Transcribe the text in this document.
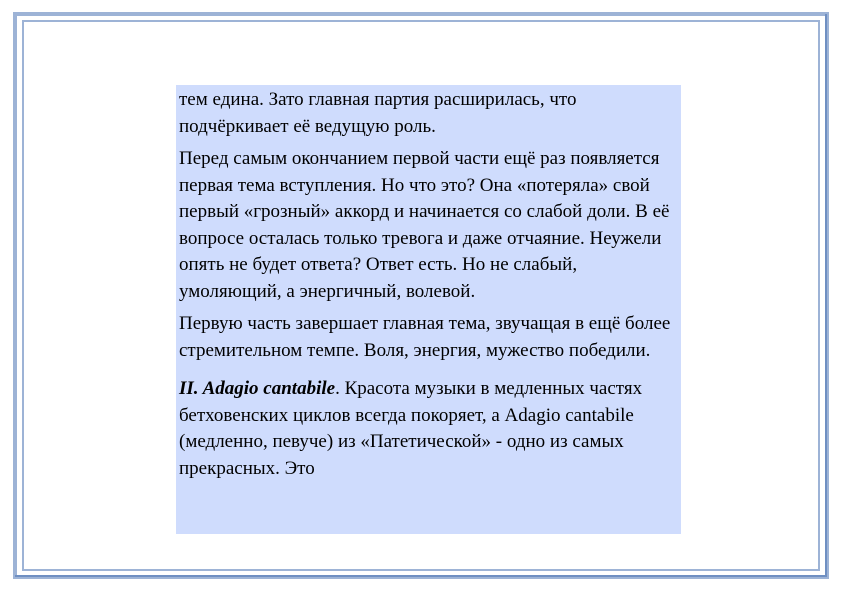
тем едина. Зато главная партия расширилась, что подчёркивает её ведущую роль.

Перед самым окончанием первой части ещё раз появляется первая тема вступления. Но что это? Она «потеряла» свой первый «грозный» аккорд и начинается со слабой доли. В её вопросе осталась только тревога и даже отчаяние. Неужели опять не будет ответа? Ответ есть. Но не слабый, умоляющий, а энергичный, волевой.

Первую часть завершает главная тема, звучащая в ещё более стремительном темпе. Воля, энергия, мужество победили.

II. Adagio cantabile. Красота музыки в медленных частях бетховенских циклов всегда покоряет, а Adagio cantabile (медленно, певуче) из «Патетической» - одно из самых прекрасных. Это
